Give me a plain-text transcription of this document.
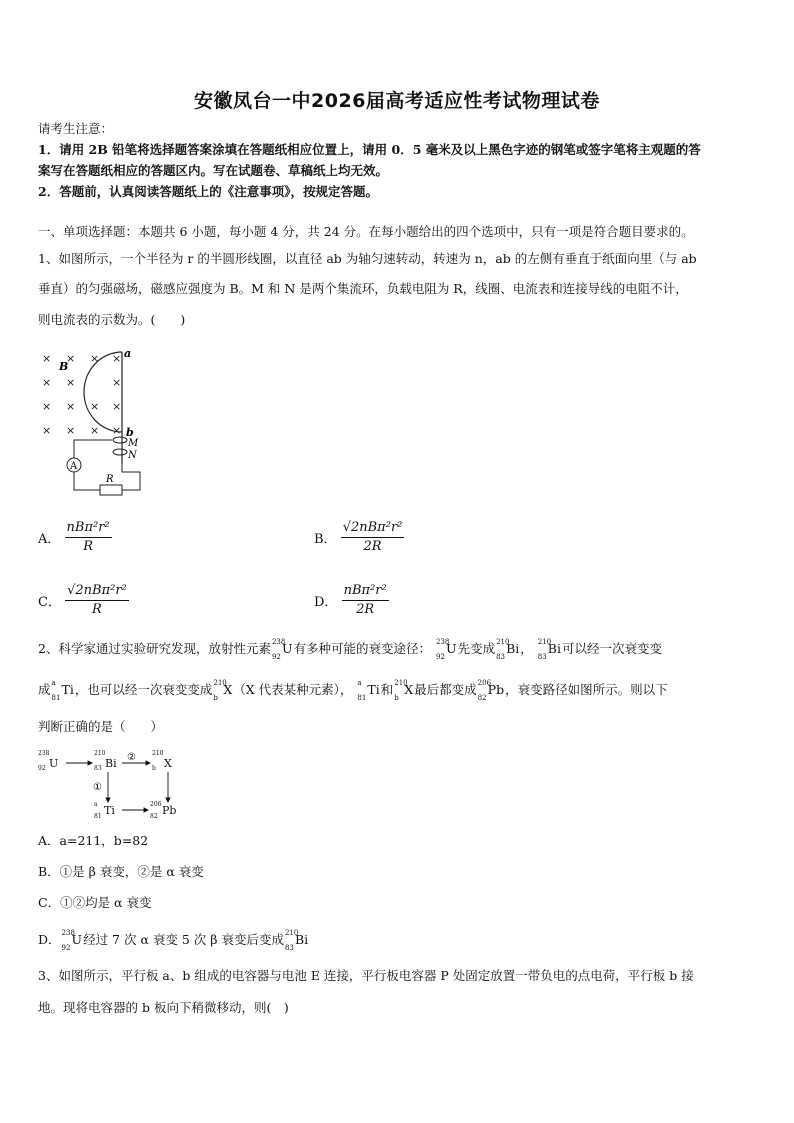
安徽凤台一中2026届高考适应性考试物理试卷
请考生注意：
1．请用 2B 铅笔将选择题答案涂填在答题纸相应位置上，请用 0．5 毫米及以上黑色字迹的钢笔或签字笔将主观题的答
案写在答题纸相应的答题区内。写在试题卷、草稿纸上均无效。
2．答题前，认真阅读答题纸上的《注意事项》，按规定答题。
一、单项选择题：本题共 6 小题，每小题 4 分，共 24 分。在每小题给出的四个选项中，只有一项是符合题目要求的。
1、如图所示，一个半径为 r 的半圆形线圈，以直径 ab 为轴匀速转动，转速为 n，ab 的左侧有垂直于纸面向里（与 ab
垂直）的匀强磁场，磁感应强度为 B。M 和 N 是两个集流环，负载电阻为 R，线圈、电流表和连接导线的电阻不计，
则电流表的示数为。(　　)
× × × ×
× ×	×
× × × ×
× × × ×
B
a
b
M
N
A
R
A． $\frac{\text{nBπ²r²}}{R}$	B． $\frac{\text{√2nBπ²r²}}{2R}$
C． $\frac{\text{√2nBπ²r²}}{R}$	D． $\frac{\text{nBπ²r²}}{2R}$
2、科学家通过实验研究发现，放射性元素 238
92
U有多种可能的衰变途径： 238
92
U先变成 210
83
Bi， 210
83
Bi可以经一次衰变变
成 a
81
Ti，也可以经一次衰变变成 210
b
X（X 代表某种元素）， a
81
Ti和 210
b
X最后都变成 206
82
Pb，衰变路径如图所示。则以下
判断正确的是（　　）
238
92 U
210
83 Bi
210
b X
a
81 Ti	206
82 Pb
②
①
A．a=211，b=82
B．①是 β 衰变，②是 α 衰变
C．①②均是 α 衰变
D． 238
92
U经过 7 次 α 衰变 5 次 β 衰变后变成 210
83
Bi
3、如图所示，平行板 a、b 组成的电容器与电池 E 连接，平行板电容器 P 处固定放置一带负电的点电荷，平行板 b 接
地。现将电容器的 b 板向下稍微移动，则(　)
